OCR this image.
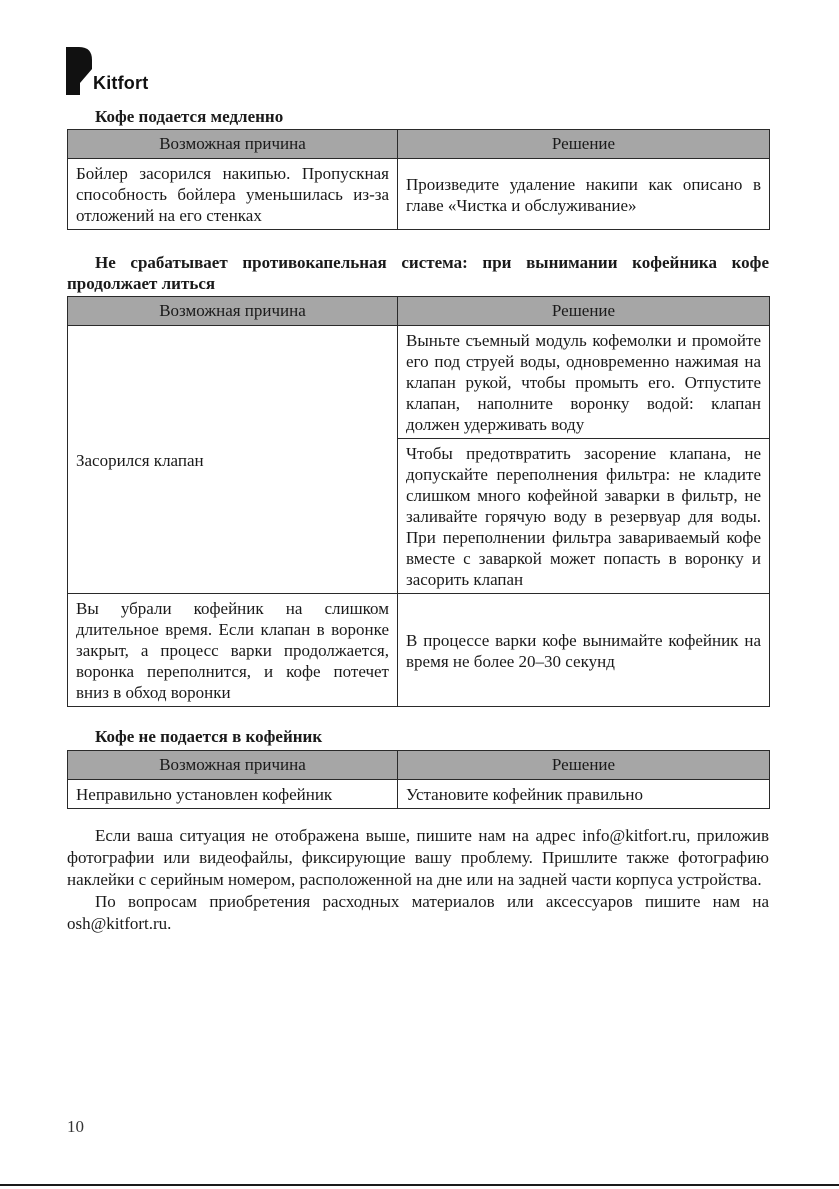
Kitfort
Кофе подается медленно
Возможная причина	Решение
Бойлер засорился накипью. Пропускная способность бойлера уменьшилась из-за отложений на его стенках	Произведите удаление накипи как описано в главе «Чистка и обслуживание»
Не срабатывает противокапельная система: при вынимании кофейника кофе продолжает литься
Возможная причина	Решение
Засорился клапан	Выньте съемный модуль кофемолки и промойте его под струей воды, одновременно нажимая на клапан рукой, чтобы промыть его. Отпустите клапан, наполните воронку водой: клапан должен удерживать воду
	Чтобы предотвратить засорение клапана, не допускайте переполнения фильтра: не кладите слишком много кофейной заварки в фильтр, не заливайте горячую воду в резервуар для воды. При переполнении фильтра завариваемый кофе вместе с заваркой может попасть в воронку и засорить клапан
Вы убрали кофейник на слишком длительное время. Если клапан в воронке закрыт, а процесс варки продолжается, воронка переполнится, и кофе потечет вниз в обход воронки	В процессе варки кофе вынимайте кофейник на время не более 20–30 секунд
Кофе не подается в кофейник
Возможная причина	Решение
Неправильно установлен кофейник	Установите кофейник правильно

Если ваша ситуация не отображена выше, пишите нам на адрес info@kitfort.ru, приложив фотографии или видеофайлы, фиксирующие вашу проблему. Пришлите также фотографию наклейки с серийным номером, расположенной на дне или на задней части корпуса устройства.

По вопросам приобретения расходных материалов или аксессуаров пишите нам на osh@kitfort.ru.

10
